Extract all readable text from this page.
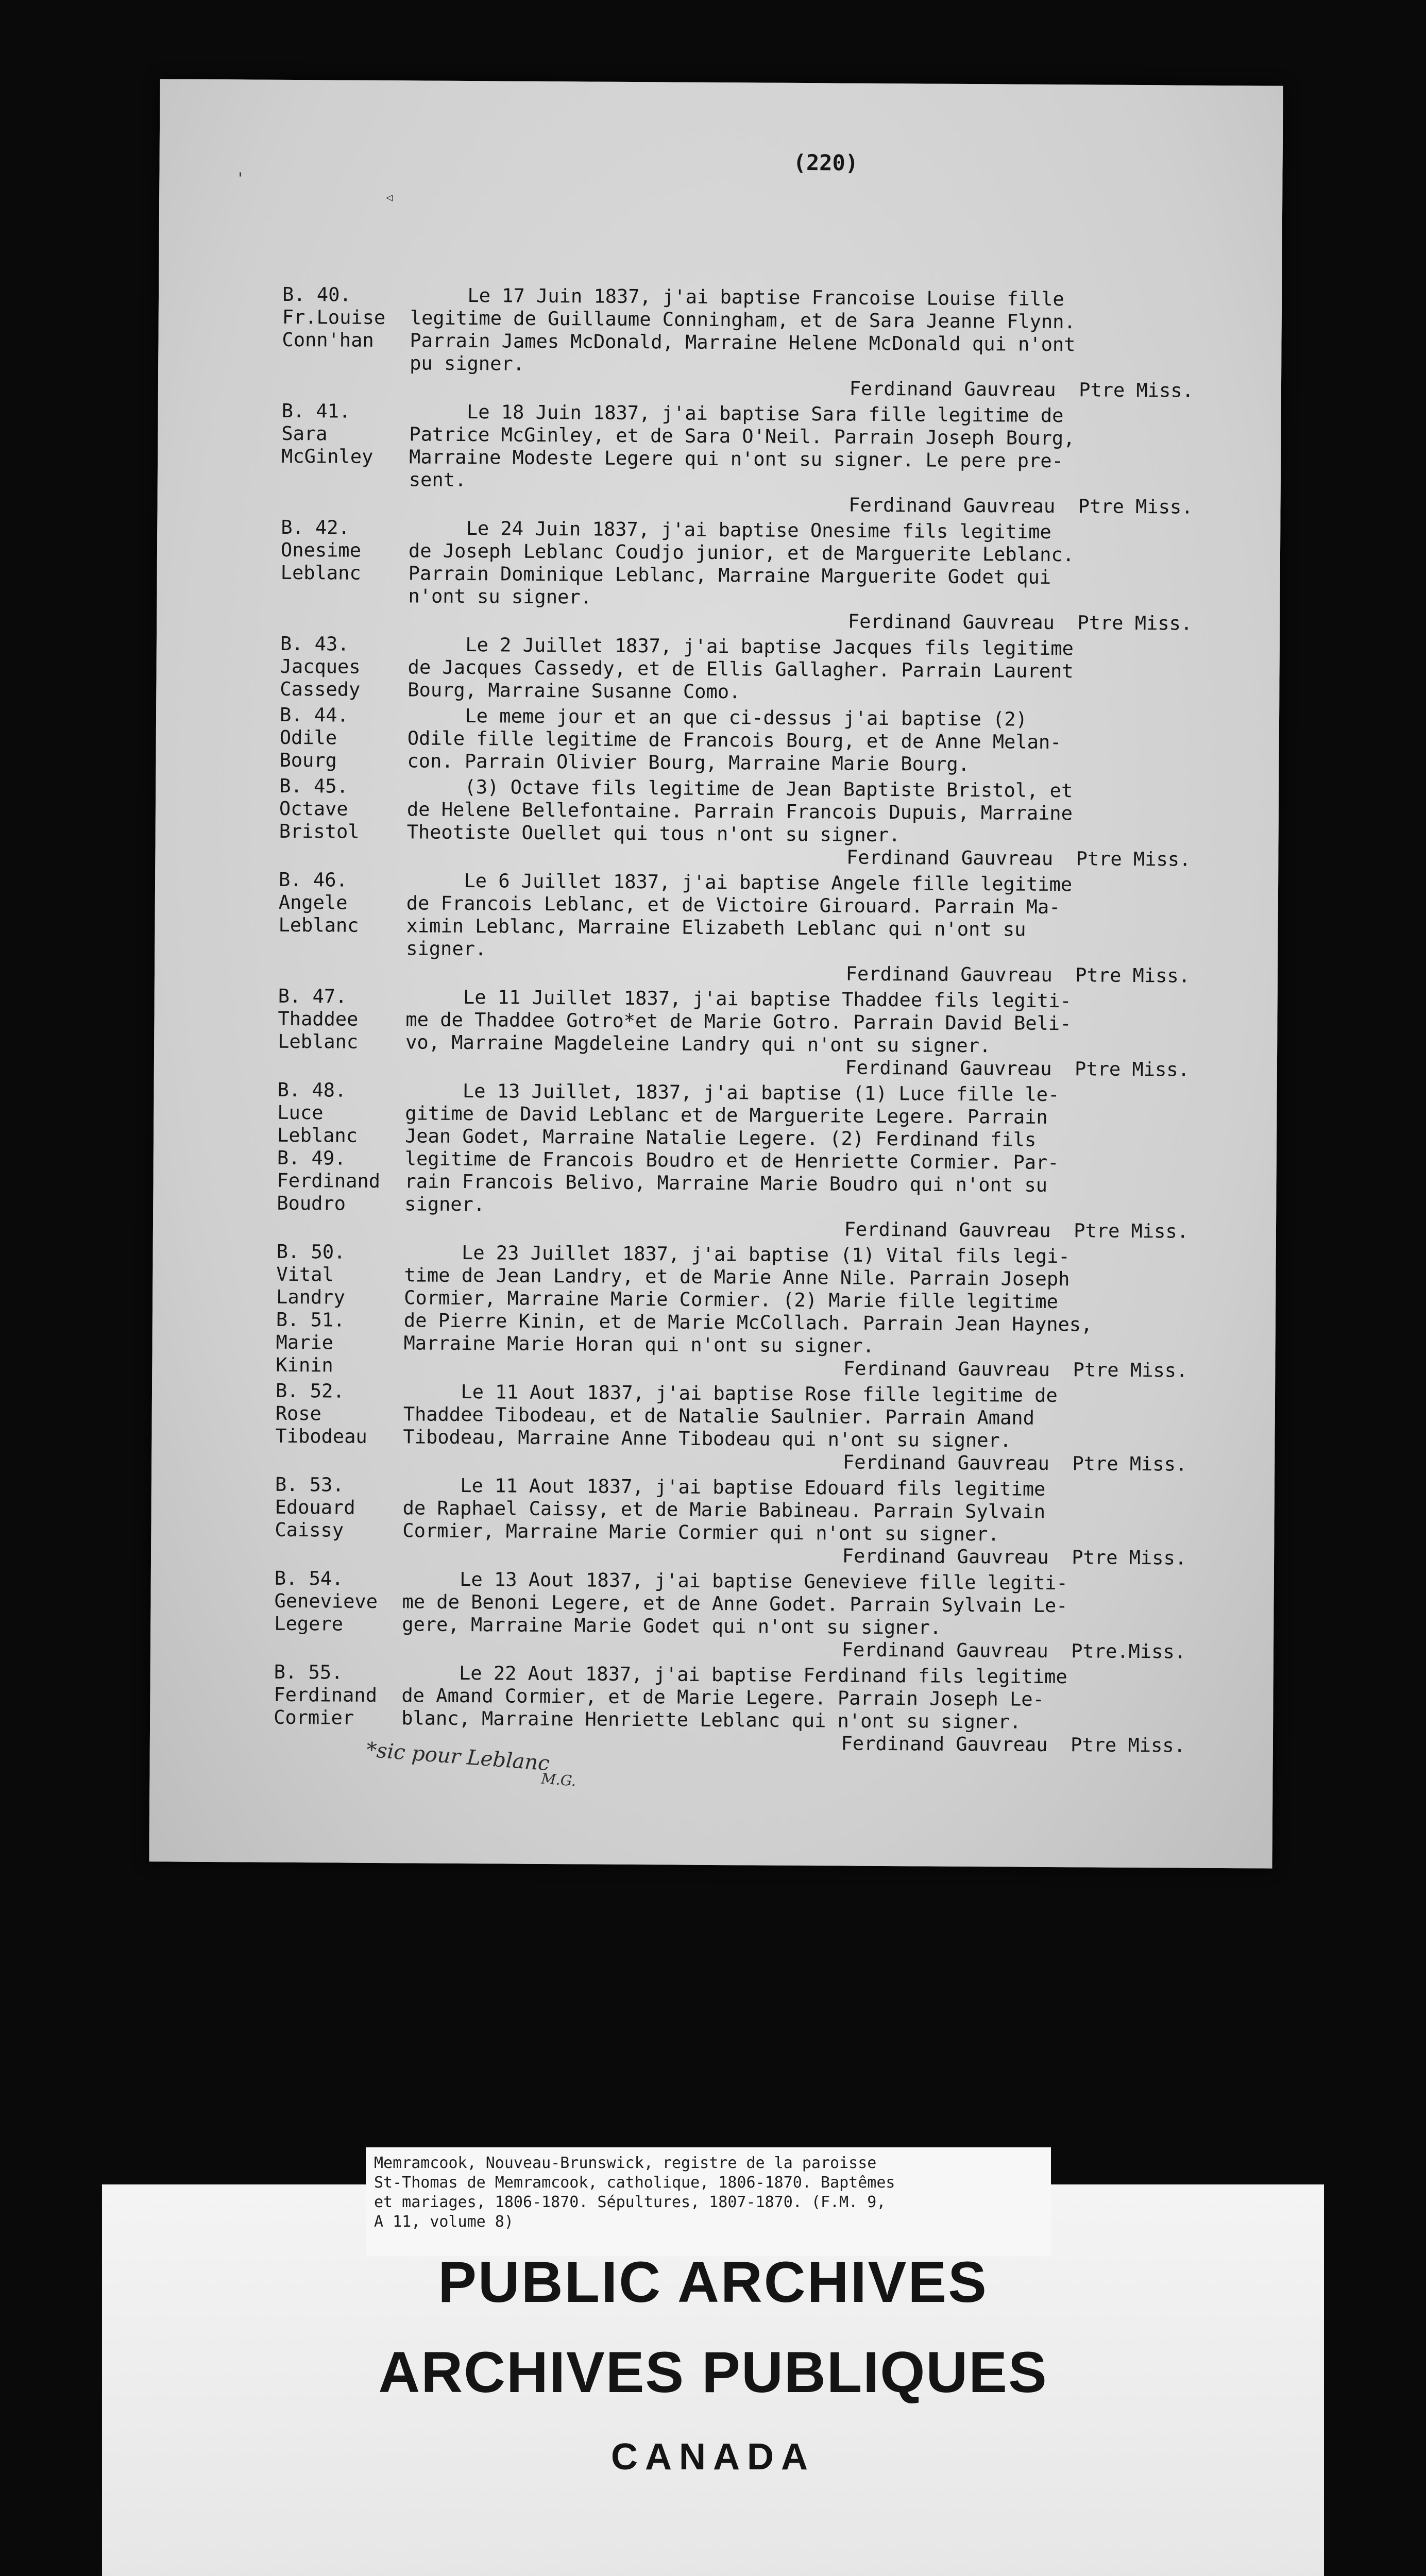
(220)
'
◁
B. 40.
Fr.Louise
Conn'han
Le 17 Juin 1837, j'ai baptise Francoise Louise fille
legitime de Guillaume Conningham, et de Sara Jeanne Flynn.
Parrain James McDonald, Marraine Helene McDonald qui n'ont
pu signer.
Ferdinand Gauvreau  Ptre Miss.
B. 41.
Sara
McGinley
Le 18 Juin 1837, j'ai baptise Sara fille legitime de
Patrice McGinley, et de Sara O'Neil. Parrain Joseph Bourg,
Marraine Modeste Legere qui n'ont su signer. Le pere pre-
sent.
Ferdinand Gauvreau  Ptre Miss.
B. 42.
Onesime
Leblanc
Le 24 Juin 1837, j'ai baptise Onesime fils legitime
de Joseph Leblanc Coudjo junior, et de Marguerite Leblanc.
Parrain Dominique Leblanc, Marraine Marguerite Godet qui
n'ont su signer.
Ferdinand Gauvreau  Ptre Miss.
B. 43.
Jacques
Cassedy
Le 2 Juillet 1837, j'ai baptise Jacques fils legitime
de Jacques Cassedy, et de Ellis Gallagher. Parrain Laurent
Bourg, Marraine Susanne Como.
B. 44.
Odile
Bourg
Le meme jour et an que ci-dessus j'ai baptise (2)
Odile fille legitime de Francois Bourg, et de Anne Melan-
con. Parrain Olivier Bourg, Marraine Marie Bourg.
B. 45.
Octave
Bristol
(3) Octave fils legitime de Jean Baptiste Bristol, et
de Helene Bellefontaine. Parrain Francois Dupuis, Marraine
Theotiste Ouellet qui tous n'ont su signer.
Ferdinand Gauvreau  Ptre Miss.
B. 46.
Angele
Leblanc
Le 6 Juillet 1837, j'ai baptise Angele fille legitime
de Francois Leblanc, et de Victoire Girouard. Parrain Ma-
ximin Leblanc, Marraine Elizabeth Leblanc qui n'ont su
signer.
Ferdinand Gauvreau  Ptre Miss.
B. 47.
Thaddee
Leblanc
Le 11 Juillet 1837, j'ai baptise Thaddee fils legiti-
me de Thaddee Gotro*et de Marie Gotro. Parrain David Beli-
vo, Marraine Magdeleine Landry qui n'ont su signer.
Ferdinand Gauvreau  Ptre Miss.
B. 48.
Luce
Leblanc
B. 49.
Ferdinand
Boudro
Le 13 Juillet, 1837, j'ai baptise (1) Luce fille le-
gitime de David Leblanc et de Marguerite Legere. Parrain
Jean Godet, Marraine Natalie Legere. (2) Ferdinand fils
legitime de Francois Boudro et de Henriette Cormier. Par-
rain Francois Belivo, Marraine Marie Boudro qui n'ont su
signer.
Ferdinand Gauvreau  Ptre Miss.
B. 50.
Vital
Landry
B. 51.
Marie
Kinin
Le 23 Juillet 1837, j'ai baptise (1) Vital fils legi-
time de Jean Landry, et de Marie Anne Nile. Parrain Joseph
Cormier, Marraine Marie Cormier. (2) Marie fille legitime
de Pierre Kinin, et de Marie McCollach. Parrain Jean Haynes,
Marraine Marie Horan qui n'ont su signer.
Ferdinand Gauvreau  Ptre Miss.
B. 52.
Rose
Tibodeau
Le 11 Aout 1837, j'ai baptise Rose fille legitime de
Thaddee Tibodeau, et de Natalie Saulnier. Parrain Amand
Tibodeau, Marraine Anne Tibodeau qui n'ont su signer.
Ferdinand Gauvreau  Ptre Miss.
B. 53.
Edouard
Caissy
Le 11 Aout 1837, j'ai baptise Edouard fils legitime
de Raphael Caissy, et de Marie Babineau. Parrain Sylvain
Cormier, Marraine Marie Cormier qui n'ont su signer.
Ferdinand Gauvreau  Ptre Miss.
B. 54.
Genevieve
Legere
Le 13 Aout 1837, j'ai baptise Genevieve fille legiti-
me de Benoni Legere, et de Anne Godet. Parrain Sylvain Le-
gere, Marraine Marie Godet qui n'ont su signer.
Ferdinand Gauvreau  Ptre.Miss.
B. 55.
Ferdinand
Cormier
Le 22 Aout 1837, j'ai baptise Ferdinand fils legitime
de Amand Cormier, et de Marie Legere. Parrain Joseph Le-
blanc, Marraine Henriette Leblanc qui n'ont su signer.
Ferdinand Gauvreau  Ptre Miss.
*sic pour Leblanc
M.G.
Memramcook, Nouveau-Brunswick, registre de la paroisse
St-Thomas de Memramcook, catholique, 1806-1870. Baptêmes
et mariages, 1806-1870. Sépultures, 1807-1870. (F.M. 9,
A 11, volume 8)
PUBLIC ARCHIVES
ARCHIVES PUBLIQUES
CANADA
